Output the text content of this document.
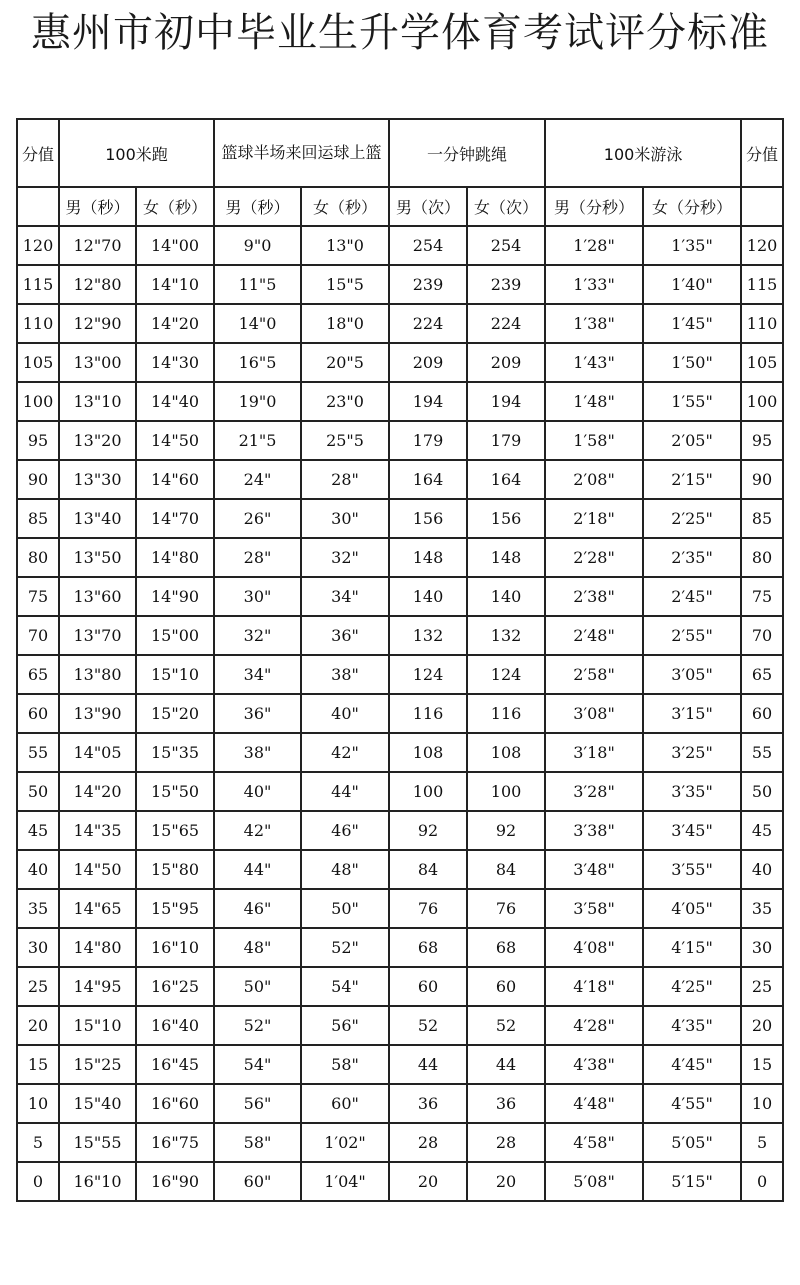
惠州市初中毕业生升学体育考试评分标准
分值	100米跑		篮球半场来回运球上篮		一分钟跳绳		100米游泳		分值
	男（秒）	女（秒）	男（秒）	女（秒）	男（次）	女（次）	男（分秒）	女（分秒）	
120	12"70	14"00	9"0	13"0	254	254	1′28"	1′35"	120
115	12"80	14"10	11"5	15"5	239	239	1′33"	1′40"	115
110	12"90	14"20	14"0	18"0	224	224	1′38"	1′45"	110
105	13"00	14"30	16"5	20"5	209	209	1′43"	1′50"	105
100	13"10	14"40	19"0	23"0	194	194	1′48"	1′55"	100
95	13"20	14"50	21"5	25"5	179	179	1′58"	2′05"	95
90	13"30	14"60	24"	28"	164	164	2′08"	2′15"	90
85	13"40	14"70	26"	30"	156	156	2′18"	2′25"	85
80	13"50	14"80	28"	32"	148	148	2′28"	2′35"	80
75	13"60	14"90	30"	34"	140	140	2′38"	2′45"	75
70	13"70	15"00	32"	36"	132	132	2′48"	2′55"	70
65	13"80	15"10	34"	38"	124	124	2′58"	3′05"	65
60	13"90	15"20	36"	40"	116	116	3′08"	3′15"	60
55	14"05	15"35	38"	42"	108	108	3′18"	3′25"	55
50	14"20	15"50	40"	44"	100	100	3′28"	3′35"	50
45	14"35	15"65	42"	46"	92	92	3′38"	3′45"	45
40	14"50	15"80	44"	48"	84	84	3′48"	3′55"	40
35	14"65	15"95	46"	50"	76	76	3′58"	4′05"	35
30	14"80	16"10	48"	52"	68	68	4′08"	4′15"	30
25	14"95	16"25	50"	54"	60	60	4′18"	4′25"	25
20	15"10	16"40	52"	56"	52	52	4′28"	4′35"	20
15	15"25	16"45	54"	58"	44	44	4′38"	4′45"	15
10	15"40	16"60	56"	60"	36	36	4′48"	4′55"	10
5	15"55	16"75	58"	1′02"	28	28	4′58"	5′05"	5
0	16"10	16"90	60"	1′04"	20	20	5′08"	5′15"	0
